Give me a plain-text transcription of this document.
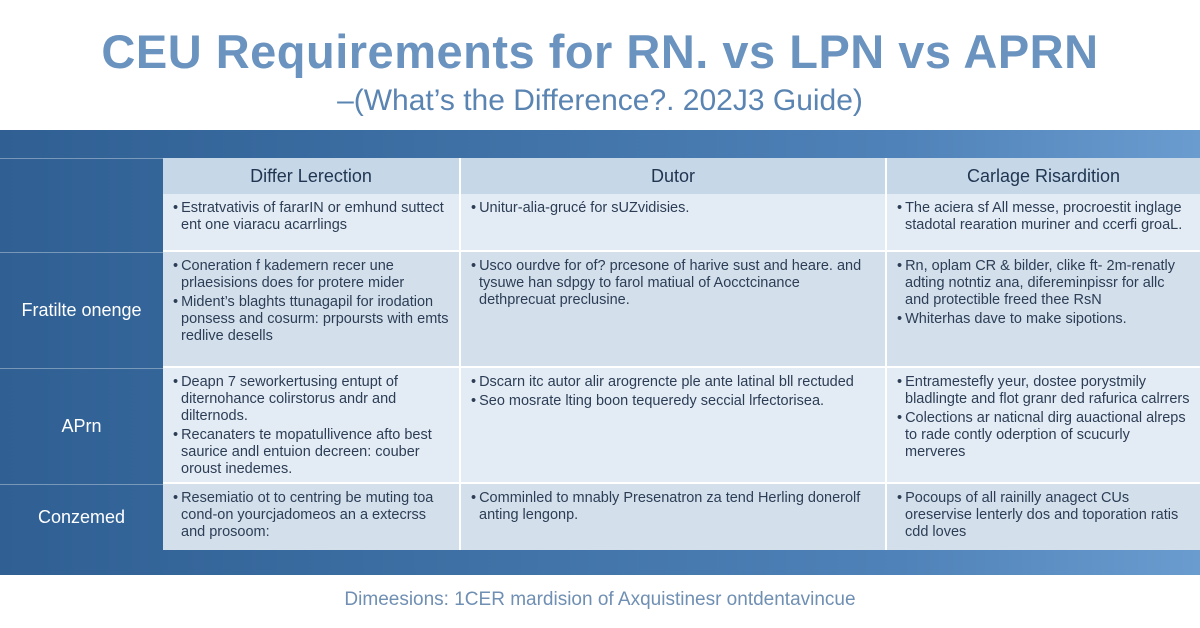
CEU Requirements for RN. vs LPN vs APRN
–(What’s the Difference?. 202J3 Guide)
Fratilte onenge
APrn
Conzemed
Differ Lerection	Dutor	Carlage Risardition
• Estratvativis of fararIN or emhund suttect ent one viaracu acarrlings
• Unitur-alia-grucé for sUZvidisies.
•	The aciera sf All messe, procroestit inglage stadotal rearation muriner and ccerfi groaL.
• Coneration f kademern recer une prlaesisions does for protere mider
• Mident’s blaghts ttunagapil for irodation ponsess and cosurm: prpoursts with emts redlive desells
• Usco ourdve for of? prcesone of harive sust and heare. and tysuwe han sdpgy to farol matiual of Aocctcinance dethprecuat preclusine.
• Rn, oplam CR & bilder, clike ft- 2m-renatly adting notntiz ana, difereminpissr for allc and protectible freed thee RsN
• Whiterhas dave to make sipotions.
• Deapn 7 seworkertusing entupt of diternohance colirstorus andr and dilternods.
• Recanaters te mopatullivence afto best saurice andl entuion decreen: couber oroust inedemes.
• Dscarn itc autor alir arogrencte ple ante latinal bll rectuded
• Seo mosrate lting boon tequeredy seccial lrfectorisea.
• Entramestefly yeur, dostee porystmily bladlingte and flot granr ded rafurica calrrers
• Colections ar naticnal dirg auactional alreps to rade contly oderption of scucurly merveres
• Resemiatio ot to centring be muting toa cond-on yourcjadomeos an a extecrss and prosoom:
• Comminled to mnably Presenatron za tend Herling donerolf anting lengonp.
• Pocoups of all rainilly anagect CUs oreservise lenterly dos and toporation ratis cdd loves
Dimeesions: 1CER mardision of Axquistinesr ontdentavincue
